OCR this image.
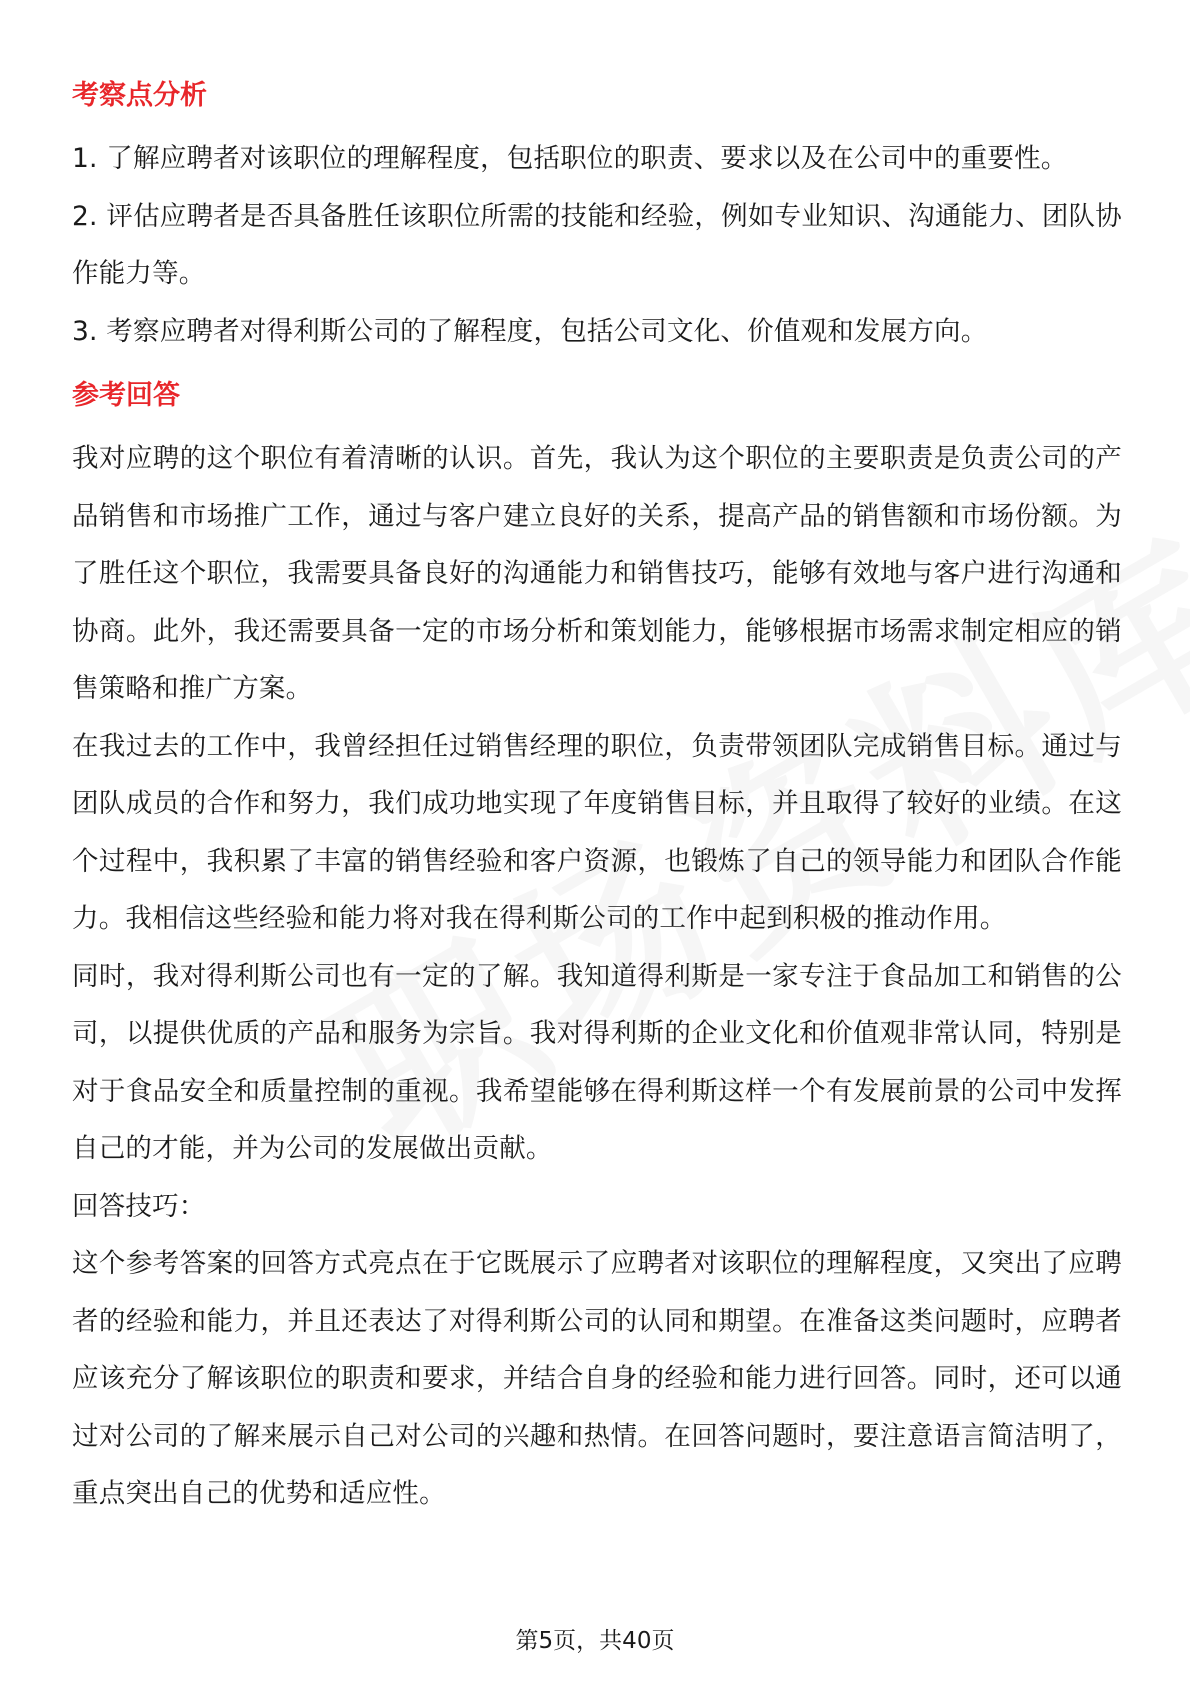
考察点分析

1. 了解应聘者对该职位的理解程度，包括职位的职责、要求以及在公司中的重要性。

2. 评估应聘者是否具备胜任该职位所需的技能和经验，例如专业知识、沟通能力、团队协作能力等。

3. 考察应聘者对得利斯公司的了解程度，包括公司文化、价值观和发展方向。

参考回答

我对应聘的这个职位有着清晰的认识。首先，我认为这个职位的主要职责是负责公司的产品销售和市场推广工作，通过与客户建立良好的关系，提高产品的销售额和市场份额。为了胜任这个职位，我需要具备良好的沟通能力和销售技巧，能够有效地与客户进行沟通和协商。此外，我还需要具备一定的市场分析和策划能力，能够根据市场需求制定相应的销售策略和推广方案。

在我过去的工作中，我曾经担任过销售经理的职位，负责带领团队完成销售目标。通过与团队成员的合作和努力，我们成功地实现了年度销售目标，并且取得了较好的业绩。在这个过程中，我积累了丰富的销售经验和客户资源，也锻炼了自己的领导能力和团队合作能力。我相信这些经验和能力将对我在得利斯公司的工作中起到积极的推动作用。

同时，我对得利斯公司也有一定的了解。我知道得利斯是一家专注于食品加工和销售的公司，以提供优质的产品和服务为宗旨。我对得利斯的企业文化和价值观非常认同，特别是对于食品安全和质量控制的重视。我希望能够在得利斯这样一个有发展前景的公司中发挥自己的才能，并为公司的发展做出贡献。

回答技巧：

这个参考答案的回答方式亮点在于它既展示了应聘者对该职位的理解程度，又突出了应聘者的经验和能力，并且还表达了对得利斯公司的认同和期望。在准备这类问题时，应聘者应该充分了解该职位的职责和要求，并结合自身的经验和能力进行回答。同时，还可以通过对公司的了解来展示自己对公司的兴趣和热情。在回答问题时，要注意语言简洁明了，重点突出自己的优势和适应性。

第5页，共40页
